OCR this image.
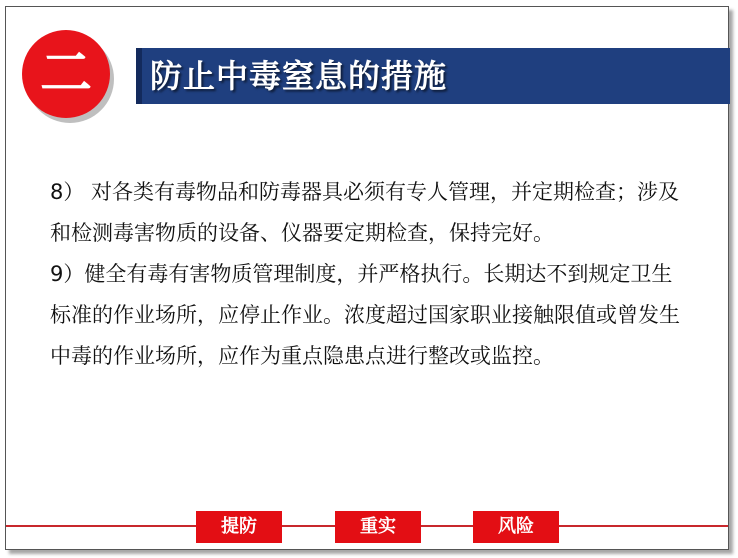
二 防止中毒窒息的措施

8） 对各类有毒物品和防毒器具必须有专人管理，并定期检查；涉及和检测毒害物质的设备、仪器要定期检查，保持完好。

9）健全有毒有害物质管理制度，并严格执行。长期达不到规定卫生标准的作业场所，应停止作业。浓度超过国家职业接触限值或曾发生中毒的作业场所，应作为重点隐患点进行整改或监控。

提防	重实	风险
